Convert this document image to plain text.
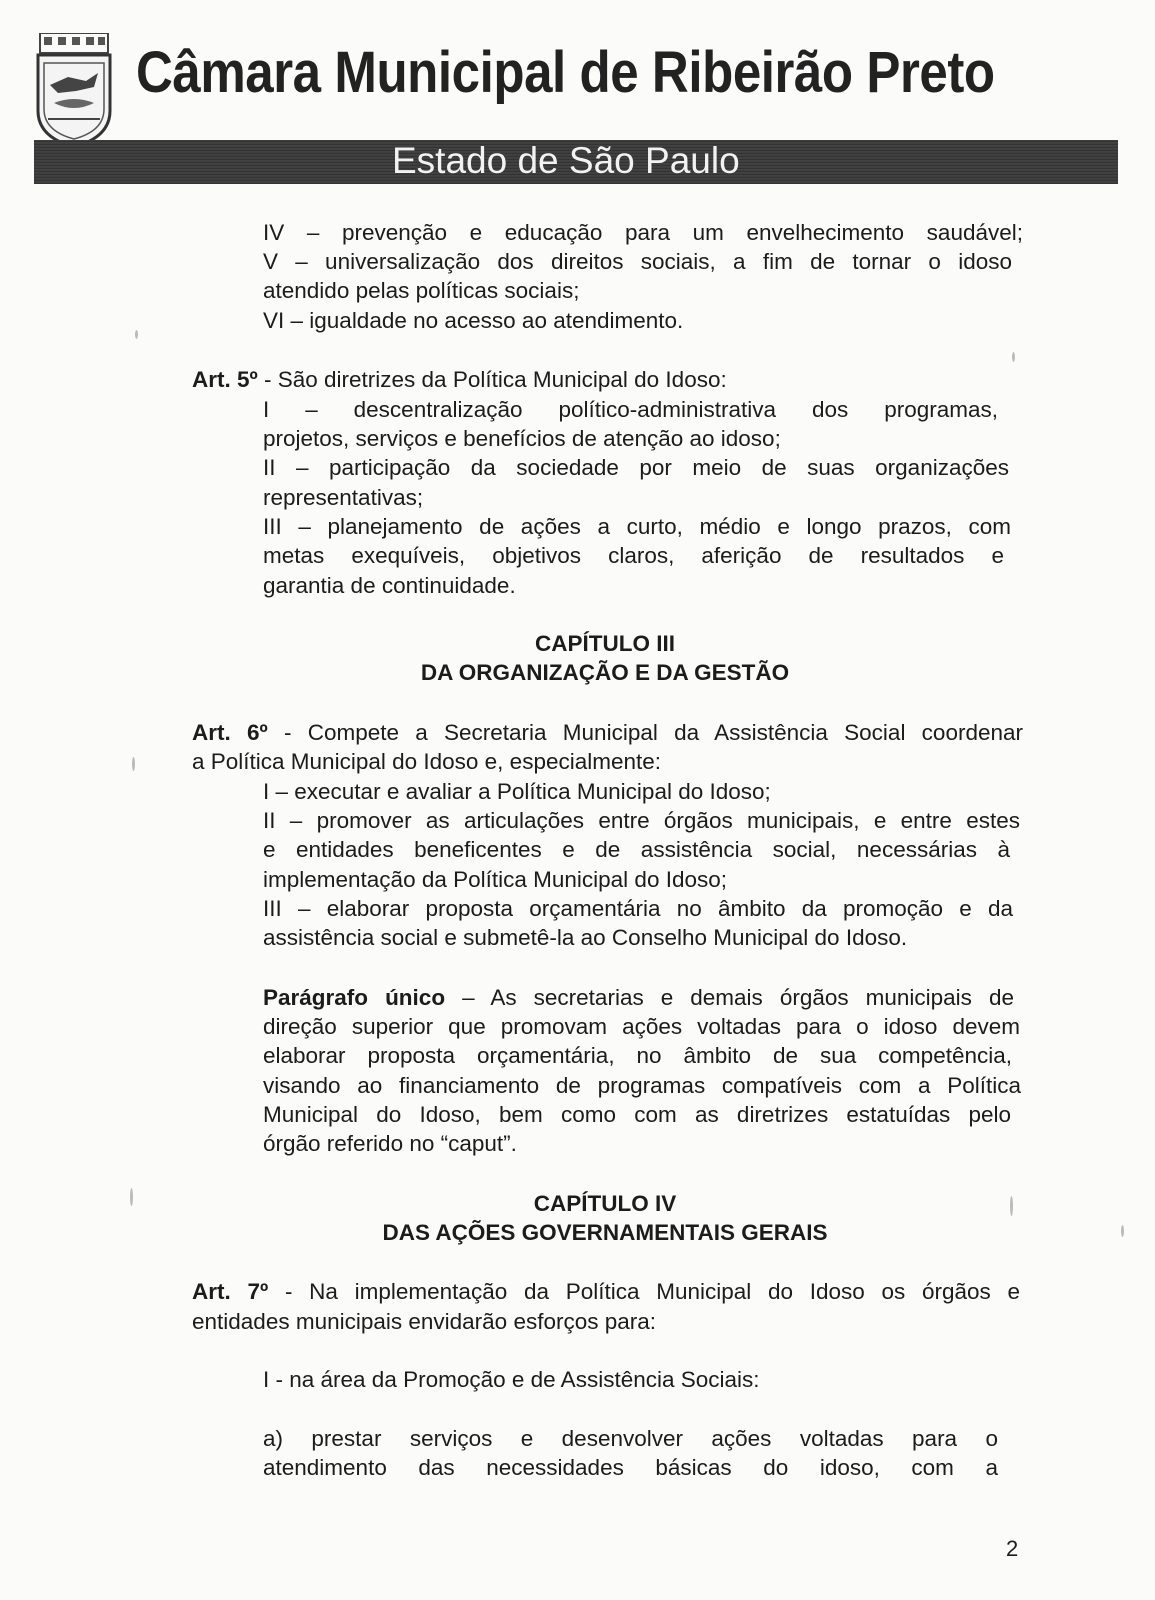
Câmara Municipal de Ribeirão Preto
Estado de São Paulo
IV – prevenção e educação para um envelhecimento saudável;
V – universalização dos direitos sociais, a fim de tornar o idoso
atendido pelas políticas sociais;
VI – igualdade no acesso ao atendimento.
Art. 5º - São diretrizes da Política Municipal do Idoso:
I – descentralização político-administrativa dos programas,
projetos, serviços e benefícios de atenção ao idoso;
II – participação da sociedade por meio de suas organizações
representativas;
III – planejamento de ações a curto, médio e longo prazos, com
metas exequíveis, objetivos claros, aferição de resultados e
garantia de continuidade.
CAPÍTULO III
DA ORGANIZAÇÃO E DA GESTÃO
Art. 6º - Compete a Secretaria Municipal da Assistência Social coordenar
a Política Municipal do Idoso e, especialmente:
I – executar e avaliar a Política Municipal do Idoso;
II – promover as articulações entre órgãos municipais, e entre estes
e entidades beneficentes e de assistência social, necessárias à
implementação da Política Municipal do Idoso;
III – elaborar proposta orçamentária no âmbito da promoção e da
assistência social e submetê-la ao Conselho Municipal do Idoso.
Parágrafo único – As secretarias e demais órgãos municipais de
direção superior que promovam ações voltadas para o idoso devem
elaborar proposta orçamentária, no âmbito de sua competência,
visando ao financiamento de programas compatíveis com a Política
Municipal do Idoso, bem como com as diretrizes estatuídas pelo
órgão referido no “caput”.
CAPÍTULO IV
DAS AÇÕES GOVERNAMENTAIS GERAIS
Art. 7º - Na implementação da Política Municipal do Idoso os órgãos e
entidades municipais envidarão esforços para:
I - na área da Promoção e de Assistência Sociais:
a) prestar serviços e desenvolver ações voltadas para o
atendimento das necessidades básicas do idoso, com a
2
